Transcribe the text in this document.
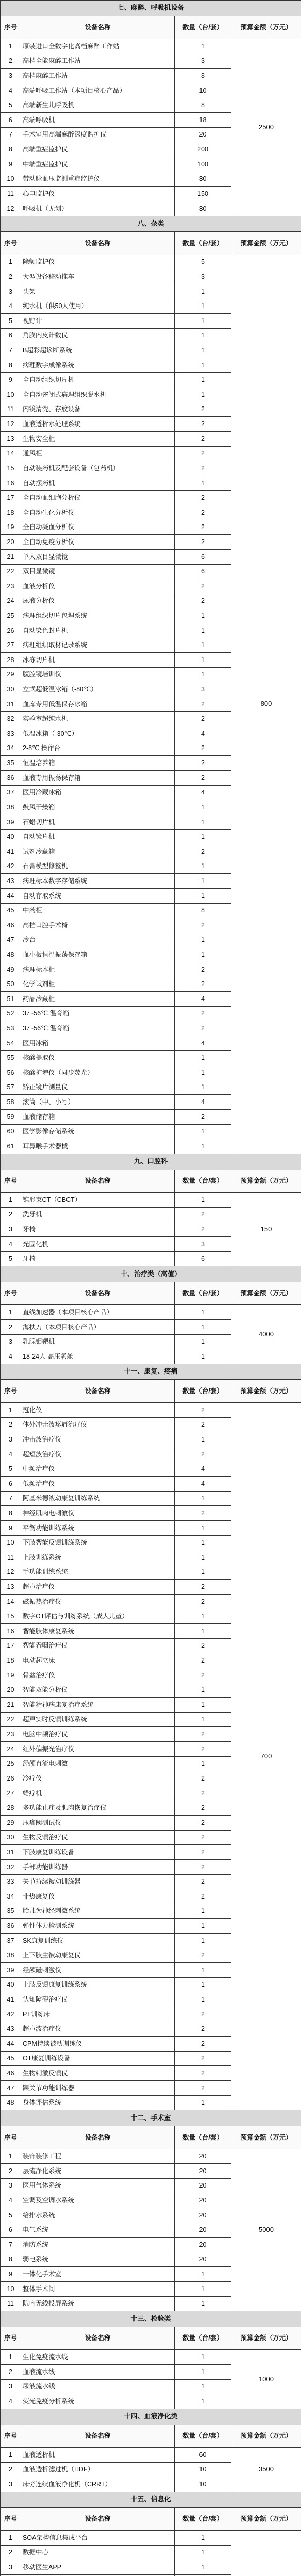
七、麻醉、呼吸机设备			
序号	设备名称	数量（台/套）	预算金额（万元）
1	原装进口全数字化高档麻醉工作站	1	2500
2	高档全能麻醉工作站	3	
3	高档麻醉工作站	8	
4	高端呼吸工作站（本项目核心产品）	10	
5	高端新生儿呼吸机	8	
6	高端呼吸机	18	
7	手术室用高端麻醉深度监护仪	20	
8	高端重症监护仪	200	
9	中端重症监护仪	100	
10	带动脉血压监测重症监护仪	30	
11	心电监护仪	150	
12	呼吸机（无创）	30	
八、杂类			
序号	设备名称	数量（台/套）	预算金额（万元）
1	除颤监护仪	5	800
2	大型设备移动推车	3	
3	头架	1	
4	纯水机（供50人使用）	1	
5	视野计	1	
6	角膜内皮计数仪	1	
7	B超彩超诊断系统	1	
8	病理数字成像系统	1	
9	全自动组织切片机	1	
10	全自动密闭式病理组织脱水机	1	
11	内镜清洗、存放设备	2	
12	血液透析水处理系统	2	
13	生物安全柜	2	
14	通风柜	2	
15	自动装药机及配套设备（包药机）	2	
16	自动摆药机	1	
17	全自动血细胞分析仪	2	
18	全自动生化分析仪	2	
19	全自动凝血分析仪	2	
20	全自动免疫分析仪	2	
21	单人双目显微镜	6	
22	双目显微镜	6	
23	血液分析仪	2	
24	尿液分析仪	2	
25	病理组织切片包埋系统	1	
26	自动染色封片机	1	
27	病理组织取材记录系统	1	
28	冰冻切片机	1	
29	腹腔镜培训仪	1	
30	立式超低温冰箱（-80℃）	3	
31	血库专用低温保存冰箱	2	
32	实验室超纯水机	2	
33	低温冰箱（-30℃）	4	
34	2-8℃ 操作台	2	
35	恒温培养箱	2	
36	血液专用振荡保存箱	2	
37	医用冷藏冰箱	4	
38	鼓风干燥箱	1	
39	石蜡切片机	1	
40	自动镜片机	1	
41	试剂冷藏箱	2	
42	石膏模型修整机	1	
43	病理标本数字存储系统	1	
44	自动存取系统	1	
45	中药柜	8	
46	高档口腔手术椅	2	
47	冷台	1	
48	血小板恒温振荡保存箱	1	
49	病理标本柜	2	
50	化学试剂柜	2	
51	药品冷藏柜	4	
52	37~56℃ 温育箱	2	
53	37~56℃ 温育箱	2	
54	医用冰箱	4	
55	核酸提取仪	1	
56	核酸扩增仪（同步荧光）	1	
57	矫正镜片测量仪	1	
58	滚筒（中、小号）	4	
59	血液储存箱	2	
60	医学影像存储系统	1	
61	耳鼻喉手术器械	1	
九、口腔科			
序号	设备名称	数量（台/套）	预算金额（万元）
1	锥形束CT（CBCT）	1	150
2	洗牙机	2	
3	牙椅	2	
4	光固化机	3	
5	牙椅	6	
十、治疗类（高值）			
序号	设备名称	数量（台/套）	预算金额（万元）
1	直线加速器（本项目核心产品）	1	4000
2	海扶刀（本项目核心产品）	1	
3	乳腺钼靶机	1	
4	18-24人 高压氧舱	1	
十一、康复、疼痛			
序号	设备名称	数量（台/套）	预算金额（万元）
1	冠化仪	2	700
2	体外冲击波疼痛治疗仪	2	
3	冲击波治疗仪	1	
4	超短波治疗仪	2	
5	中频治疗仪	4	
6	低频治疗仪	4	
7	阿基米德液动康复训练系统	1	
8	神经肌肉电刺激仪	2	
9	平衡功能训练系统	1	
10	下肢智能反馈训练系统	1	
11	上肢训练系统	1	
12	手功能训练系统	1	
13	超声治疗仪	2	
14	磁振热治疗仪	2	
15	数字OT评估与训练系统（成人儿童）	1	
16	智能肢体康复系统	1	
17	智能吞咽治疗仪	2	
18	电动起立床	2	
19	骨盆治疗仪	2	
20	智能双能分析仪	1	
21	智能精神病康复治疗系统	1	
22	超声实时反馈训练系统	1	
23	电脑中频治疗仪	2	
24	红外偏振光治疗仪	2	
25	经颅直流电刺激	1	
26	冷疗仪	2	
27	蜡疗机	2	
28	多功能止痛及肌肉恢复治疗仪	2	
29	压痛阈测试仪	2	
30	生物反馈治疗仪	2	
31	下肢康复训练设备	2	
32	手部功能训练器	2	
33	关节持续被动训练器	2	
34	非热康复仪	2	
35	胎儿为神经刺激系统	1	
36	弹性体力检测系统	1	
37	SK康复训练仪	1	
38	上下肢主被动康复仪	2	
39	经颅磁刺激仪	1	
40	上肢反馈康复训练系统	1	
41	认知障碍治疗仪	1	
42	PT训练床	2	
43	超声波治疗仪	2	
44	CPM持续被动训练仪	2	
45	OT康复训练设备	2	
46	生物刺激反馈仪	2	
47	踝关节功能训练器	2	
48	身体评估系统	1	
十二、手术室			
序号	设备名称	数量（台/套）	预算金额（万元）
1	装饰装修工程	20	5000
2	层流净化系统	20	
3	医用气体系统	20	
4	空调及空调水系统	20	
5	给排水系统	20	
6	电气系统	20	
7	消防系统	20	
8	弱电系统	20	
9	一体化手术室	1	
10	整体手术间	1	
11	院内无线投屏系统	1	
十三、检验类			
序号	设备名称	数量（台/套）	预算金额（万元）
1	生化免疫流水线	1	1000
2	血液流水线	1	
3	尿液流水线	1	
4	荧光免疫分析系统	1	
十四、血液净化类			
序号	设备名称	数量（台/套）	预算金额（万元）
1	血液透析机	60	3500
2	血液透析滤过机（HDF）	10	
3	床旁连续血液净化机（CRRT）	10	
十五、信息化			
序号	设备名称	数量（台/套）	预算金额（万元）
1	SOA架构信息集成平台	1	
2	数据中心	1	
3	移动医生APP	1	
